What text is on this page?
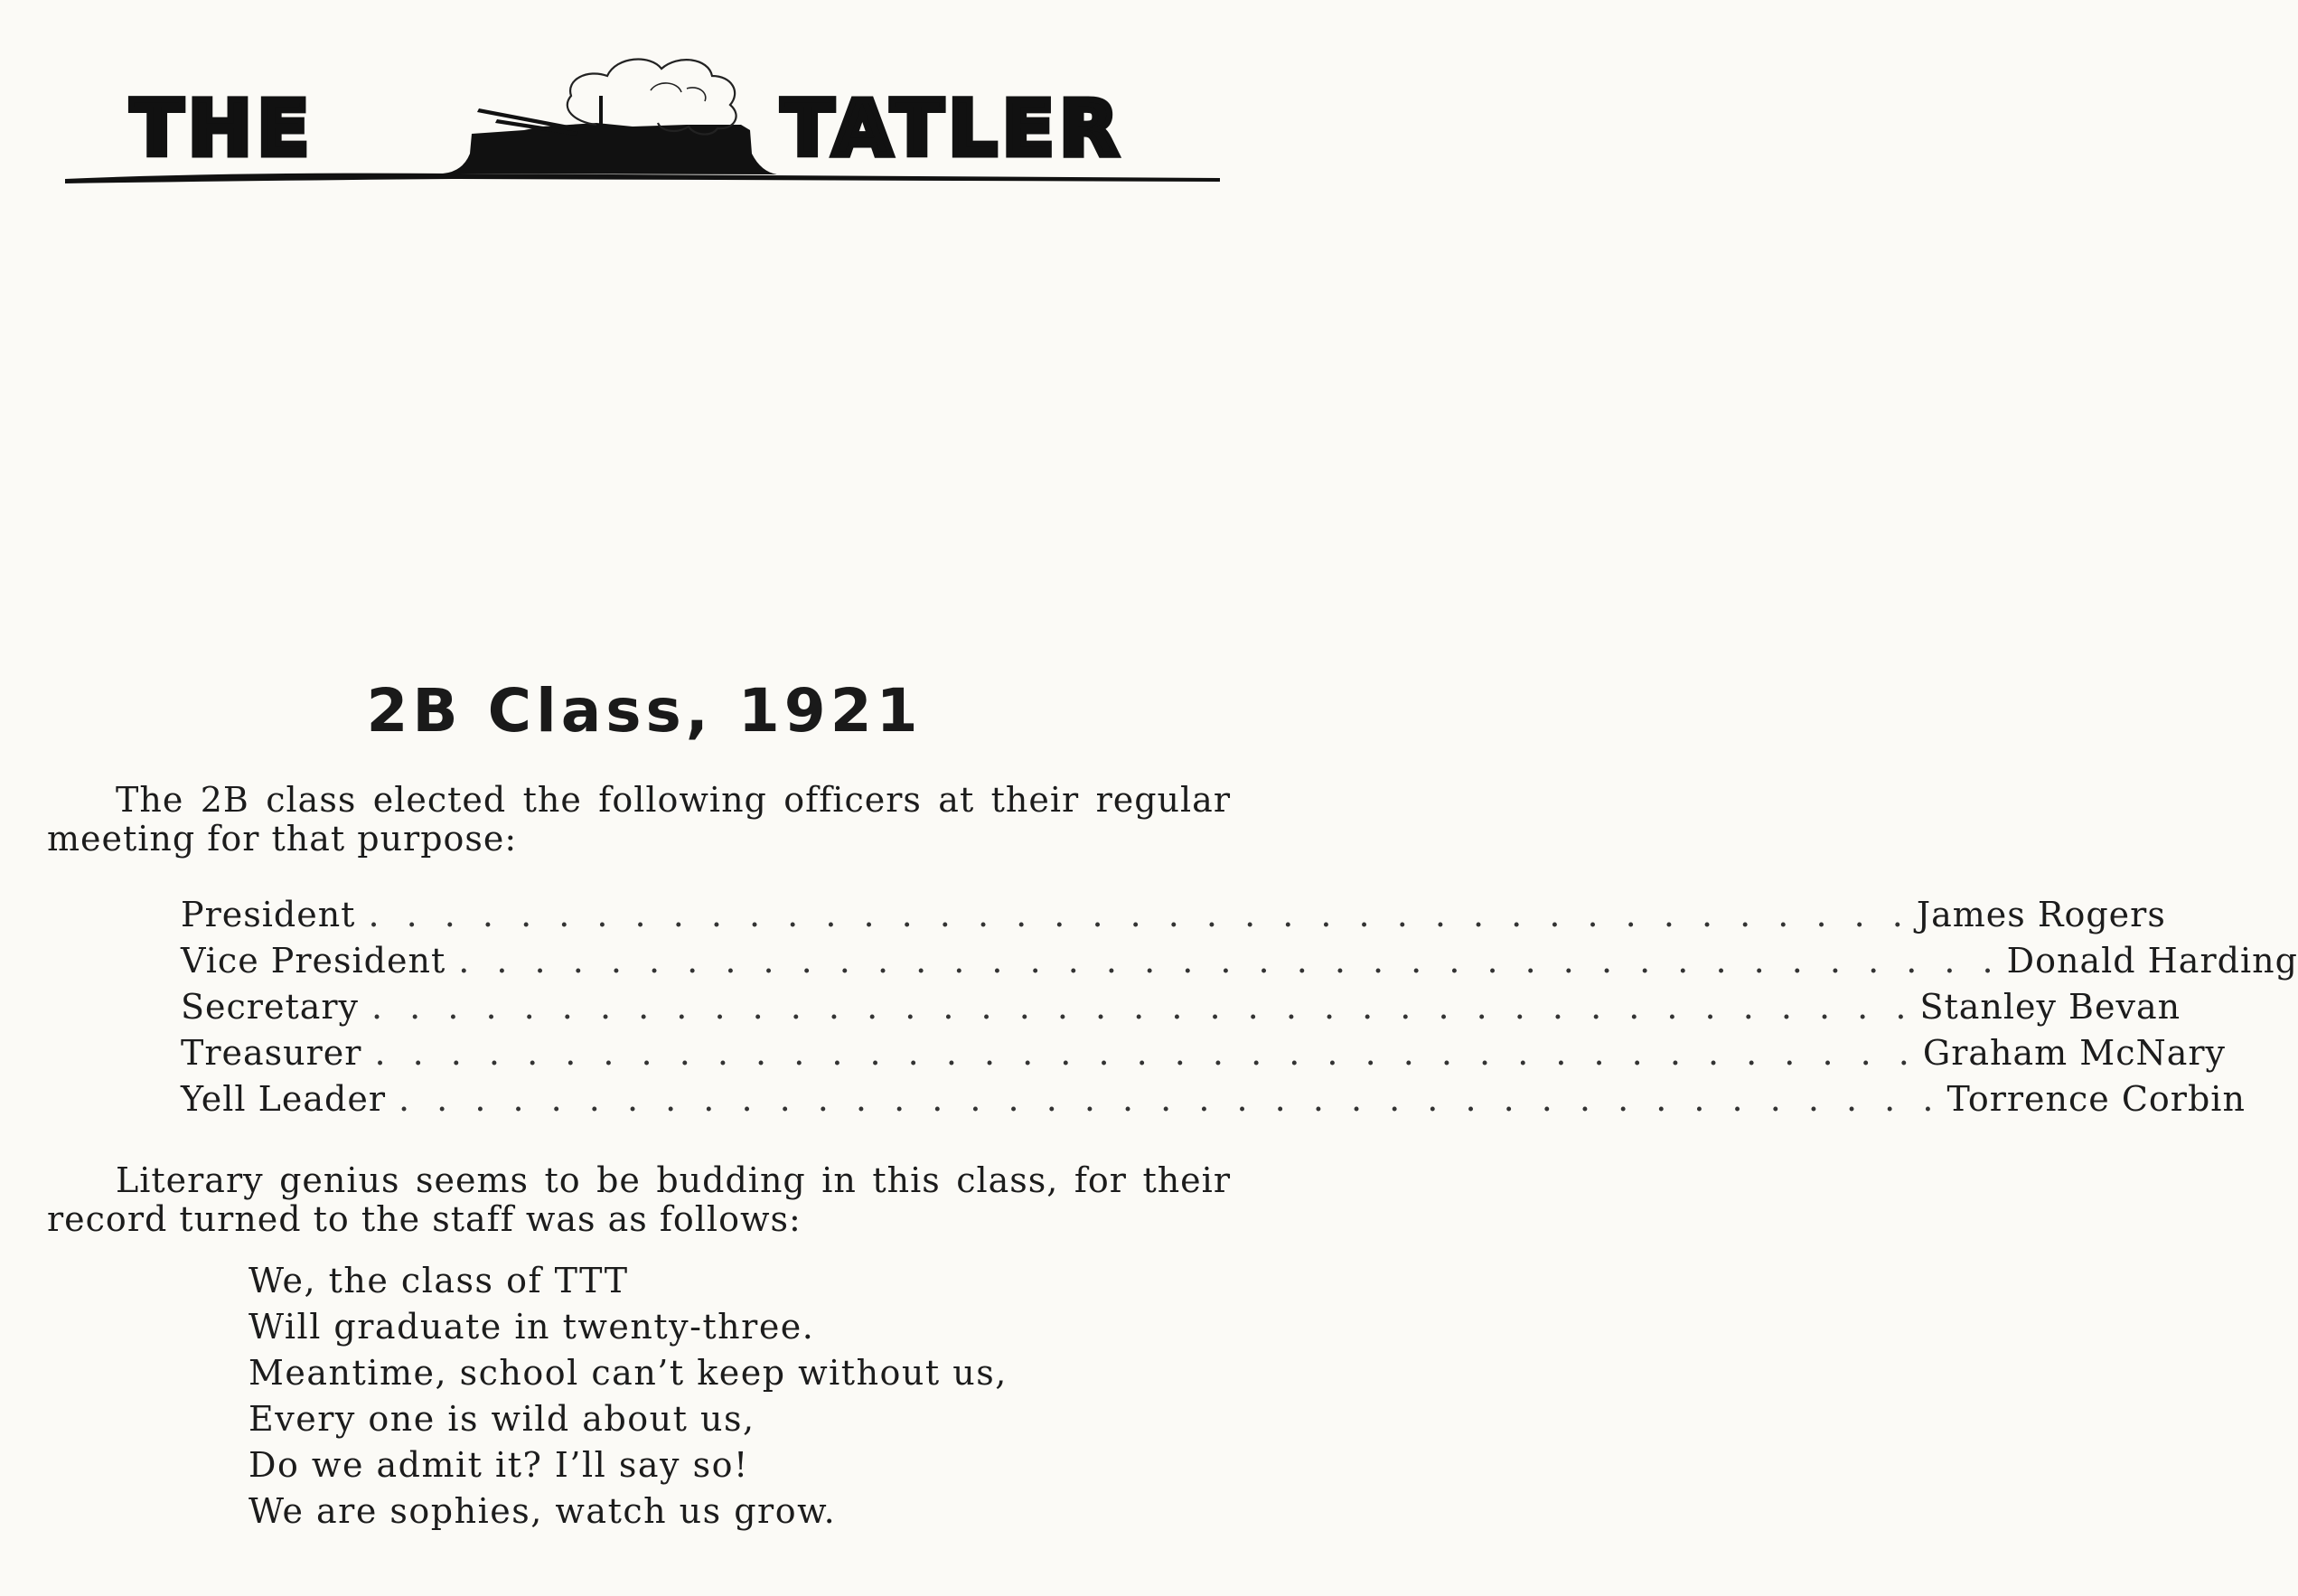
THE	TATLER
2B Class, 1921

The 2B class elected the following officers at their regular meeting for that purpose:

President . . . . . . . . . . . . . . . . . . . . . . . . . . . . . . . . . . . . . . . . . James Rogers
Vice President . . . . . . . . . . . . . . . . . . . . . . . . . . . . . . . . . . . . . . . . . Donald Harding
Secretary . . . . . . . . . . . . . . . . . . . . . . . . . . . . . . . . . . . . . . . . . Stanley Bevan
Treasurer . . . . . . . . . . . . . . . . . . . . . . . . . . . . . . . . . . . . . . . . . Graham McNary
Yell Leader . . . . . . . . . . . . . . . . . . . . . . . . . . . . . . . . . . . . . . . . . Torrence Corbin

Literary genius seems to be budding in this class, for their record turned to the staff was as follows:

We, the class of TTT
Will graduate in twenty-three.
Meantime, school can’t keep without us,
Every one is wild about us,
Do we admit it? I’ll say so!
We are sophies, watch us grow.
